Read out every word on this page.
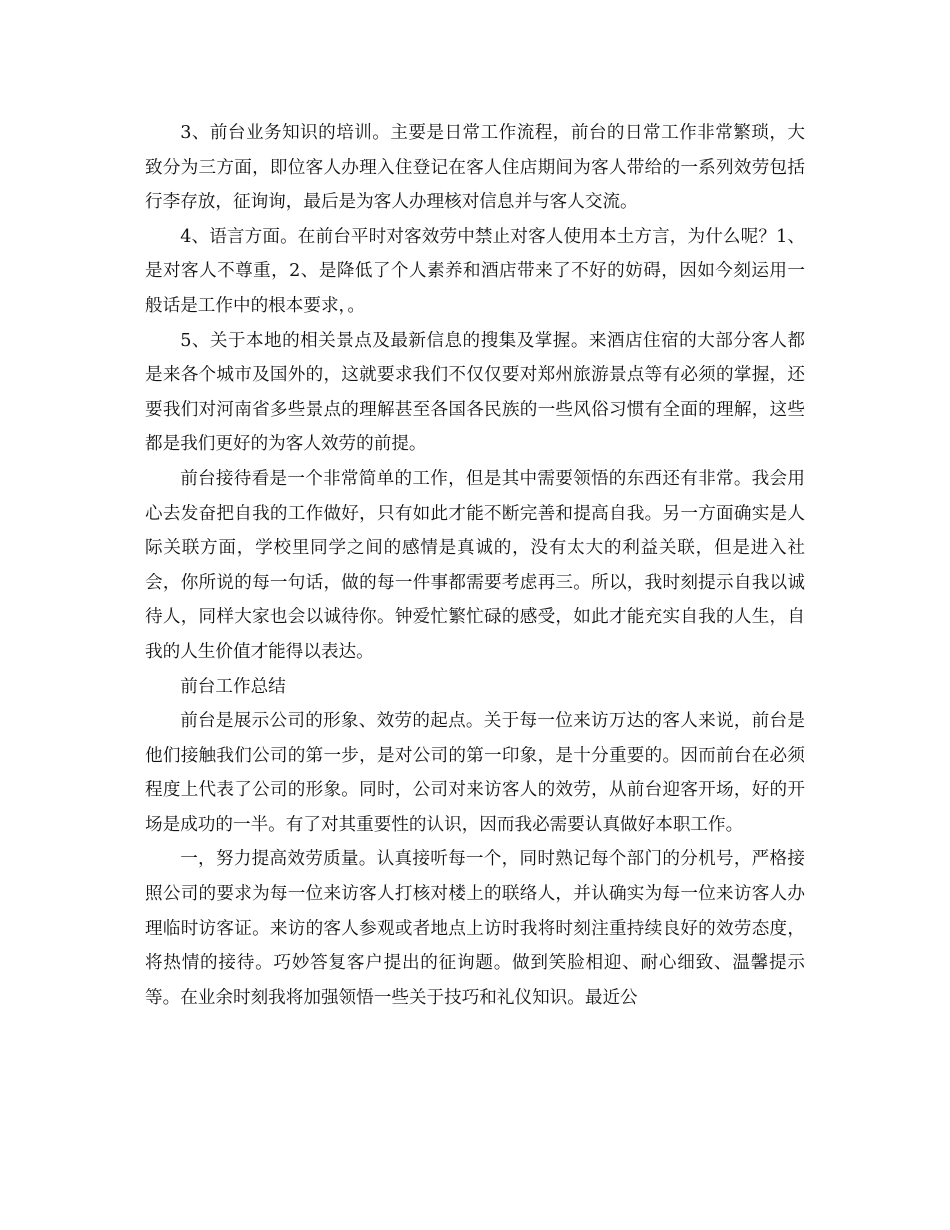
3、前台业务知识的培训。主要是日常工作流程，前台的日常工作非常繁琐，大致分为三方面，即位客人办理入住登记在客人住店期间为客人带给的一系列效劳包括行李存放，征询询，最后是为客人办理核对信息并与客人交流。

4、语言方面。在前台平时对客效劳中禁止对客人使用本土方言，为什么呢？1、是对客人不尊重，2、是降低了个人素养和酒店带来了不好的妨碍，因如今刻运用一般话是工作中的根本要求，。

5、关于本地的相关景点及最新信息的搜集及掌握。来酒店住宿的大部分客人都是来各个城市及国外的，这就要求我们不仅仅要对郑州旅游景点等有必须的掌握，还要我们对河南省多些景点的理解甚至各国各民族的一些风俗习惯有全面的理解，这些都是我们更好的为客人效劳的前提。

前台接待看是一个非常简单的工作，但是其中需要领悟的东西还有非常。我会用心去发奋把自我的工作做好，只有如此才能不断完善和提高自我。另一方面确实是人际关联方面，学校里同学之间的感情是真诚的，没有太大的利益关联，但是进入社会，你所说的每一句话，做的每一件事都需要考虑再三。所以，我时刻提示自我以诚待人，同样大家也会以诚待你。钟爱忙繁忙碌的感受，如此才能充实自我的人生，自我的人生价值才能得以表达。

前台工作总结

前台是展示公司的形象、效劳的起点。关于每一位来访万达的客人来说，前台是他们接触我们公司的第一步，是对公司的第一印象，是十分重要的。因而前台在必须程度上代表了公司的形象。同时，公司对来访客人的效劳，从前台迎客开场，好的开场是成功的一半。有了对其重要性的认识，因而我必需要认真做好本职工作。

一，努力提高效劳质量。认真接听每一个，同时熟记每个部门的分机号，严格接照公司的要求为每一位来访客人打核对楼上的联络人，并认确实为每一位来访客人办理临时访客证。来访的客人参观或者地点上访时我将时刻注重持续良好的效劳态度，将热情的接待。巧妙答复客户提出的征询题。做到笑脸相迎、耐心细致、温馨提示等。在业余时刻我将加强领悟一些关于技巧和礼仪知识。最近公
